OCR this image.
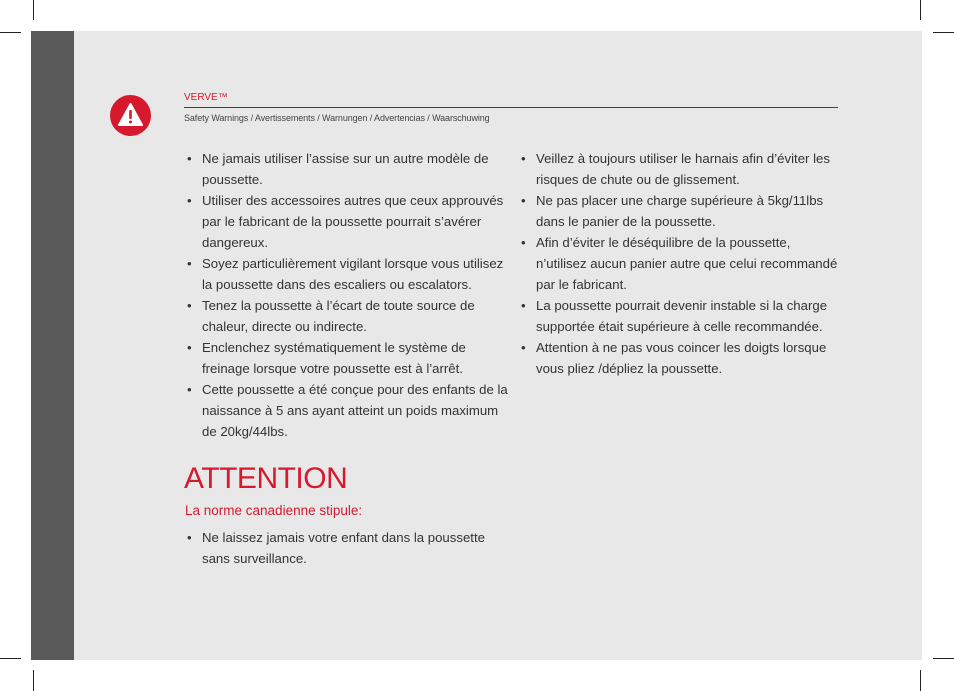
VERVE™
Safety Warnings / Avertissements / Warnungen / Advertencias / Waarschuwing
• Ne jamais utiliser l’assise sur un autre modèle de poussette.
• Utiliser des accessoires autres que ceux approuvés par le fabricant de la poussette pourrait s’avérer dangereux.
• Soyez particulièrement vigilant lorsque vous utilisez la poussette dans des escaliers ou escalators.
• Tenez la poussette à l’écart de toute source de chaleur, directe ou indirecte.
• Enclenchez systématiquement le système de freinage lorsque votre poussette est à l’arrêt.
• Cette poussette a été conçue pour des enfants de la naissance à 5 ans ayant atteint un poids maximum de 20kg/44lbs.
• Veillez à toujours utiliser le harnais afin d’éviter les risques de chute ou de glissement.
• Ne pas placer une charge supérieure à 5kg/11lbs dans le panier de la poussette.
• Afin d’éviter le déséquilibre de la poussette, n’utilisez aucun panier autre que celui recommandé par le fabricant.
• La poussette pourrait devenir instable si la charge supportée était supérieure à celle recommandée.
• Attention à ne pas vous coincer les doigts lorsque vous pliez /dépliez la poussette.
ATTENTION
La norme canadienne stipule:
• Ne laissez jamais votre enfant dans la poussette sans surveillance.
